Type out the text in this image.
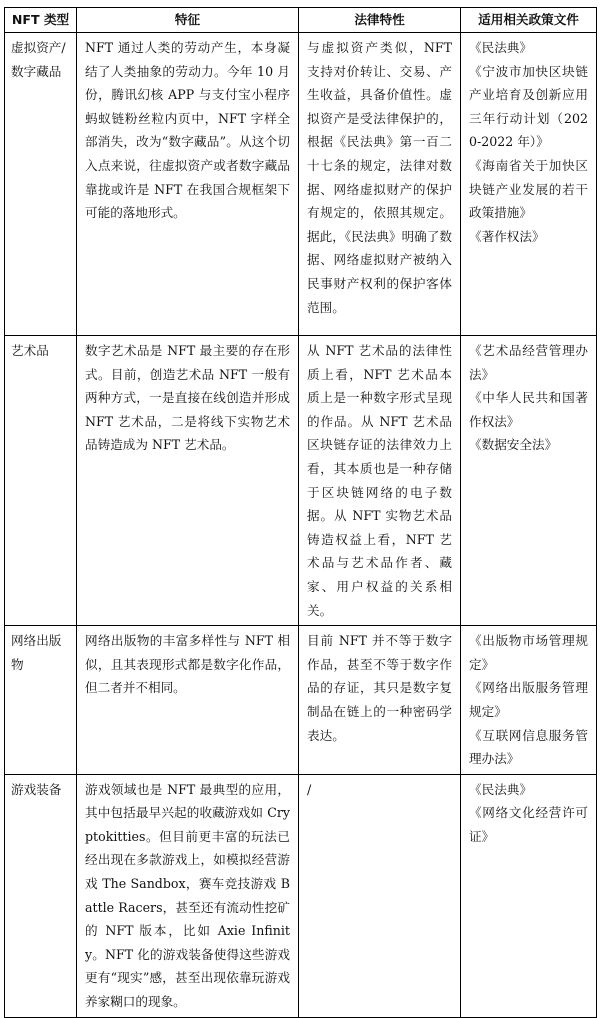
NFT 类型	特征	法律特性	适用相关政策文件
虚拟资产/数字藏品	NFT 通过人类的劳动产生，本身凝结了人类抽象的劳动力。今年 10 月份，腾讯幻核 APP 与支付宝小程序蚂蚁链粉丝粒内页中，NFT 字样全部消失，改为“数字藏品”。从这个切入点来说，往虚拟资产或者数字藏品靠拢或许是 NFT 在我国合规框架下可能的落地形式。	与虚拟资产类似，NFT 支持对价转让、交易、产生收益，具备价值性。虚拟资产是受法律保护的，根据《民法典》第一百二十七条的规定，法律对数据、网络虚拟财产的保护有规定的，依照其规定。据此，《民法典》明确了数据、网络虚拟财产被纳入民事财产权利的保护客体范围。	《民法典》
《宁波市加快区块链产业培育及创新应用三年行动计划（2020-2022 年）》
《海南省关于加快区块链产业发展的若干政策措施》
《著作权法》

艺术品	数字艺术品是 NFT 最主要的存在形式。目前，创造艺术品 NFT 一般有两种方式，一是直接在线创造并形成 NFT 艺术品，二是将线下实物艺术品铸造成为 NFT 艺术品。	从 NFT 艺术品的法律性质上看，NFT 艺术品本质上是一种数字形式呈现的作品。从 NFT 艺术品区块链存证的法律效力上看，其本质也是一种存储于区块链网络的电子数据。从 NFT 实物艺术品铸造权益上看，NFT 艺术品与艺术品作者、藏家、用户权益的关系相关。	《艺术品经营管理办法》
《中华人民共和国著作权法》
《数据安全法》

网络出版物	网络出版物的丰富多样性与 NFT 相似，且其表现形式都是数字化作品，但二者并不相同。	目前 NFT 并不等于数字作品，甚至不等于数字作品的存证，其只是数字复制品在链上的一种密码学表达。	《出版物市场管理规定》
《网络出版服务管理规定》
《互联网信息服务管理办法》

游戏装备	游戏领域也是 NFT 最典型的应用，其中包括最早兴起的收藏游戏如 Cryptokitties。但目前更丰富的玩法已经出现在多款游戏上，如模拟经营游戏 The Sandbox，赛车竞技游戏 Battle Racers，甚至还有流动性挖矿的 NFT 版本，比如 Axie Infinity。NFT 化的游戏装备使得这些游戏更有“现实”感，甚至出现依靠玩游戏养家糊口的现象。	/	《民法典》
《网络文化经营许可证》
